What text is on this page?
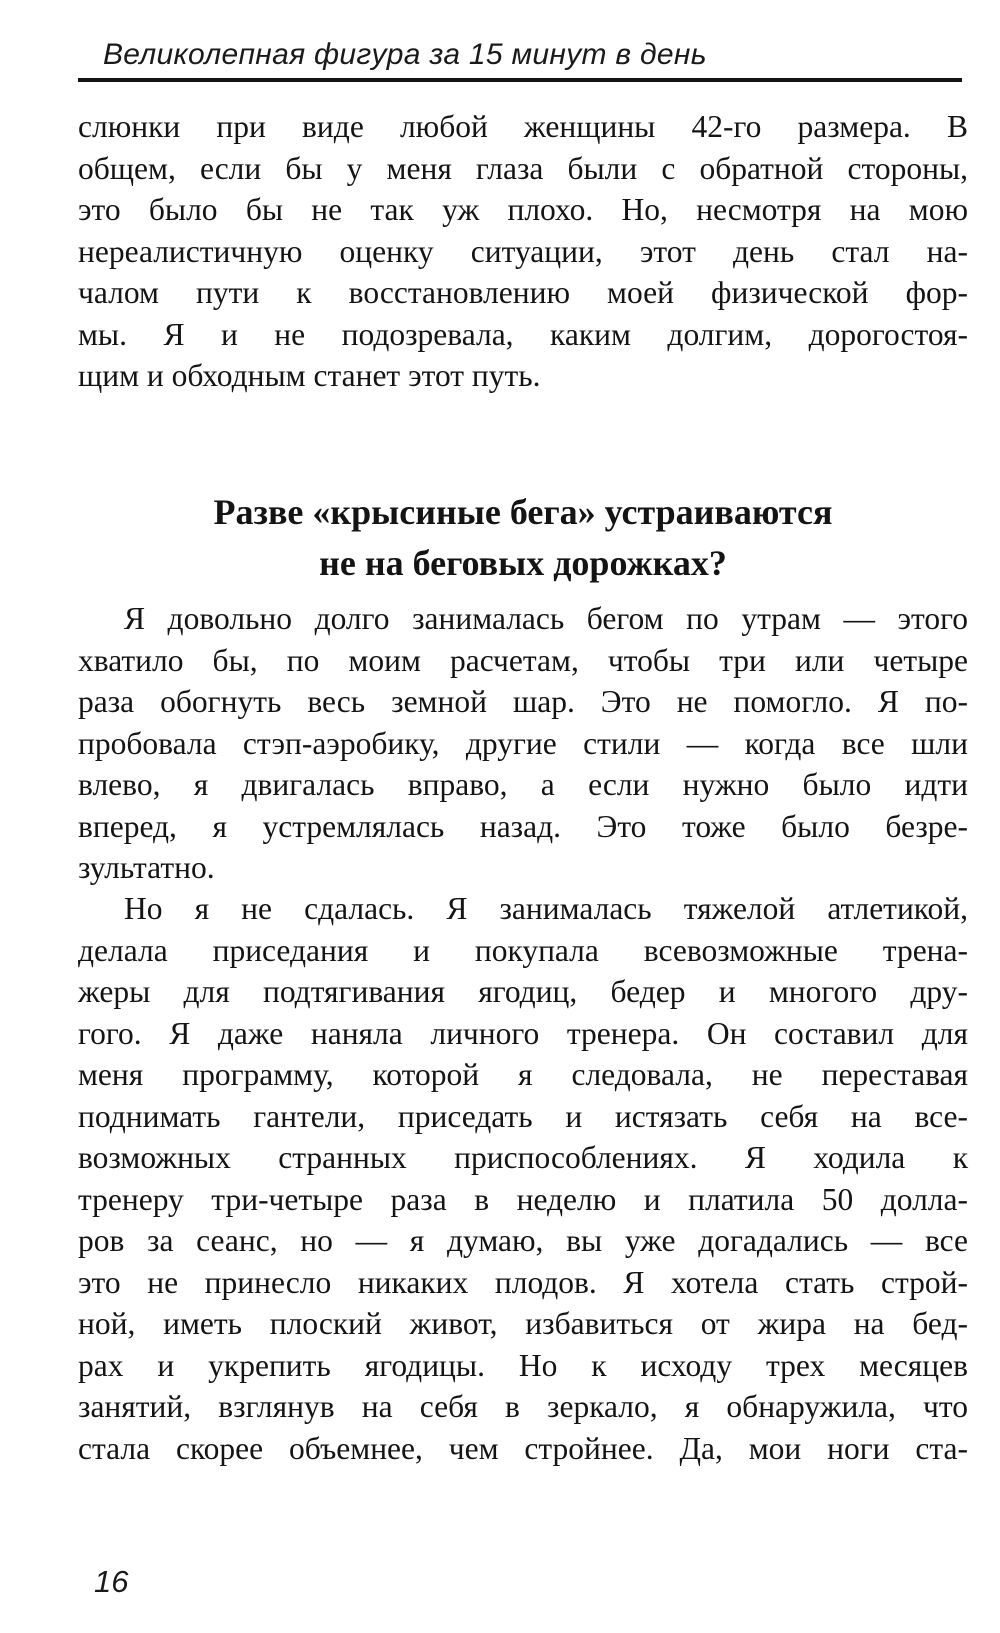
Великолепная фигура за 15 минут в день
слюнки при виде любой женщины 42-го размера. В
общем, если бы у меня глаза были с обратной стороны,
это было бы не так уж плохо. Но, несмотря на мою
нереалистичную оценку ситуации, этот день стал на-
чалом пути к восстановлению моей физической фор-
мы. Я и не подозревала, каким долгим, дорогостоя-
щим и обходным станет этот путь.
Разве «крысиные бега» устраиваются
не на беговых дорожках?
Я довольно долго занималась бегом по утрам — этого
хватило бы, по моим расчетам, чтобы три или четыре
раза обогнуть весь земной шар. Это не помогло. Я по-
пробовала стэп-аэробику, другие стили — когда все шли
влево, я двигалась вправо, а если нужно было идти
вперед, я устремлялась назад. Это тоже было безре-
зультатно.
Но я не сдалась. Я занималась тяжелой атлетикой,
делала приседания и покупала всевозможные трена-
жеры для подтягивания ягодиц, бедер и многого дру-
гого. Я даже наняла личного тренера. Он составил для
меня программу, которой я следовала, не переставая
поднимать гантели, приседать и истязать себя на все-
возможных странных приспособлениях. Я ходила к
тренеру три-четыре раза в неделю и платила 50 долла-
ров за сеанс, но — я думаю, вы уже догадались — все
это не принесло никаких плодов. Я хотела стать строй-
ной, иметь плоский живот, избавиться от жира на бед-
рах и укрепить ягодицы. Но к исходу трех месяцев
занятий, взглянув на себя в зеркало, я обнаружила, что
стала скорее объемнее, чем стройнее. Да, мои ноги ста-
16
